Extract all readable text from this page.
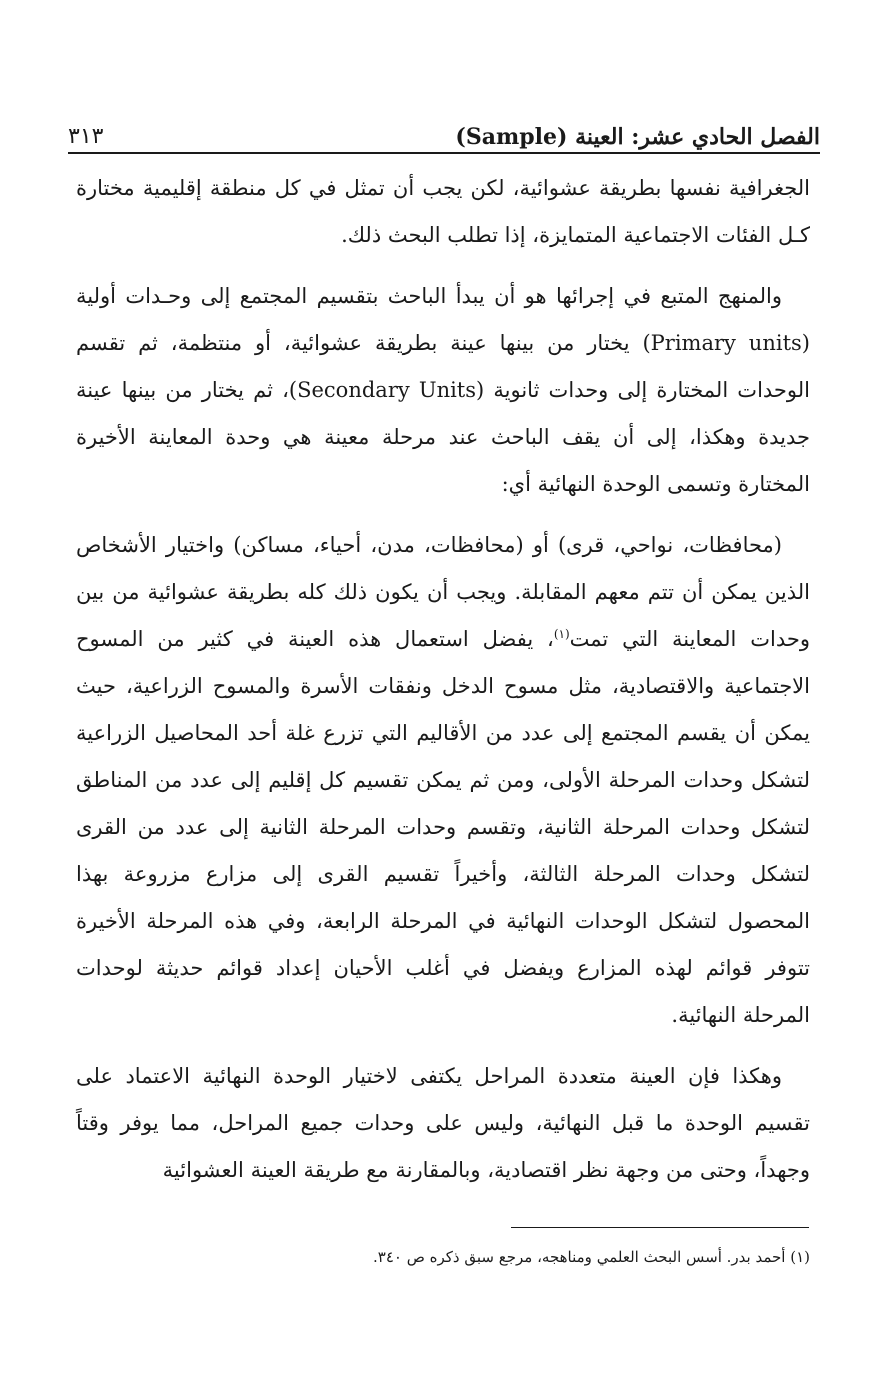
الفصل الحادي عشر: العينة (Sample)
٣١٣

الجغرافية نفسها بطريقة عشوائية، لكن يجب أن تمثل في كل منطقة إقليمية مختارة كـل الفئات الاجتماعية المتمايزة، إذا تطلب البحث ذلك.

والمنهج المتبع في إجرائها هو أن يبدأ الباحث بتقسيم المجتمع إلى وحـدات أولية (Primary units) يختار من بينها عينة بطريقة عشوائية، أو منتظمة، ثم تقسم الوحدات المختارة إلى وحدات ثانوية (Secondary Units)، ثم يختار من بينها عينة جديدة وهكذا، إلى أن يقف الباحث عند مرحلة معينة هي وحدة المعاينة الأخيرة المختارة وتسمى الوحدة النهائية أي:

(محافظات، نواحي، قرى) أو (محافظات، مدن، أحياء، مساكن) واختيار الأشخاص الذين يمكن أن تتم معهم المقابلة. ويجب أن يكون ذلك كله بطريقة عشوائية من بين وحدات المعاينة التي تمت$^{(١)}$، يفضل استعمال هذه العينة في كثير من المسوح الاجتماعية والاقتصادية، مثل مسوح الدخل ونفقات الأسرة والمسوح الزراعية، حيث يمكن أن يقسم المجتمع إلى عدد من الأقاليم التي تزرع غلة أحد المحاصيل الزراعية لتشكل وحدات المرحلة الأولى، ومن ثم يمكن تقسيم كل إقليم إلى عدد من المناطق لتشكل وحدات المرحلة الثانية، وتقسم وحدات المرحلة الثانية إلى عدد من القرى لتشكل وحدات المرحلة الثالثة، وأخيراً تقسيم القرى إلى مزارع مزروعة بهذا المحصول لتشكل الوحدات النهائية في المرحلة الرابعة، وفي هذه المرحلة الأخيرة تتوفر قوائم لهذه المزارع ويفضل في أغلب الأحيان إعداد قوائم حديثة لوحدات المرحلة النهائية.

وهكذا فإن العينة متعددة المراحل يكتفى لاختيار الوحدة النهائية الاعتماد على تقسيم الوحدة ما قبل النهائية، وليس على وحدات جميع المراحل، مما يوفر وقتاً وجهداً، وحتى من وجهة نظر اقتصادية، وبالمقارنة مع طريقة العينة العشوائية

(١) أحمد بدر. أسس البحث العلمي ومناهجه، مرجع سبق ذكره ص ٣٤٠.
